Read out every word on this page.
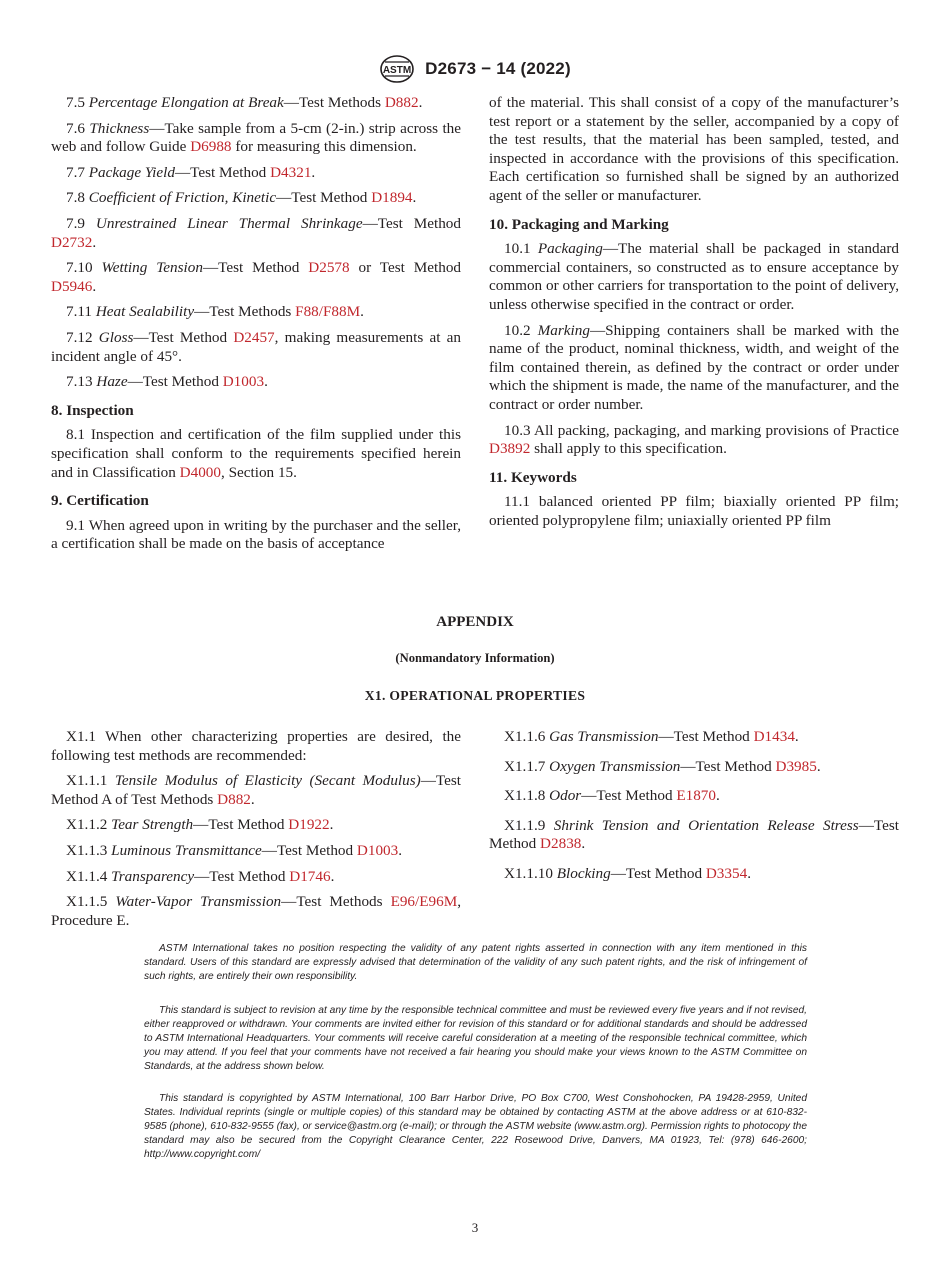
ASTM D2673 − 14 (2022)

7.5 Percentage Elongation at Break—Test Methods D882.

7.6 Thickness—Take sample from a 5-cm (2-in.) strip across the web and follow Guide D6988 for measuring this dimension.

7.7 Package Yield—Test Method D4321.

7.8 Coefficient of Friction, Kinetic—Test Method D1894.

7.9 Unrestrained Linear Thermal Shrinkage—Test Method D2732.

7.10 Wetting Tension—Test Method D2578 or Test Method D5946.

7.11 Heat Sealability—Test Methods F88/F88M.

7.12 Gloss—Test Method D2457, making measurements at an incident angle of 45°.

7.13 Haze—Test Method D1003.

8. Inspection

8.1 Inspection and certification of the film supplied under this specification shall conform to the requirements specified herein and in Classification D4000, Section 15.

9. Certification

9.1 When agreed upon in writing by the purchaser and the seller, a certification shall be made on the basis of acceptance

of the material. This shall consist of a copy of the manufacturer’s test report or a statement by the seller, accompanied by a copy of the test results, that the material has been sampled, tested, and inspected in accordance with the provisions of this specification. Each certification so furnished shall be signed by an authorized agent of the seller or manufacturer.

10. Packaging and Marking

10.1 Packaging—The material shall be packaged in standard commercial containers, so constructed as to ensure acceptance by common or other carriers for transportation to the point of delivery, unless otherwise specified in the contract or order.

10.2 Marking—Shipping containers shall be marked with the name of the product, nominal thickness, width, and weight of the film contained therein, as defined by the contract or order under which the shipment is made, the name of the manufacturer, and the contract or order number.

10.3 All packing, packaging, and marking provisions of Practice D3892 shall apply to this specification.

11. Keywords

11.1 balanced oriented PP film; biaxially oriented PP film; oriented polypropylene film; uniaxially oriented PP film

APPENDIX
(Nonmandatory Information)
X1. OPERATIONAL PROPERTIES

X1.1 When other characterizing properties are desired, the following test methods are recommended:

X1.1.1 Tensile Modulus of Elasticity (Secant Modulus)—Test Method A of Test Methods D882.

X1.1.2 Tear Strength—Test Method D1922.

X1.1.3 Luminous Transmittance—Test Method D1003.

X1.1.4 Transparency—Test Method D1746.

X1.1.5 Water-Vapor Transmission—Test Methods E96/E96M, Procedure E.

X1.1.6 Gas Transmission—Test Method D1434.

X1.1.7 Oxygen Transmission—Test Method D3985.

X1.1.8 Odor—Test Method E1870.

X1.1.9 Shrink Tension and Orientation Release Stress—Test Method D2838.

X1.1.10 Blocking—Test Method D3354.

ASTM International takes no position respecting the validity of any patent rights asserted in connection with any item mentioned in this standard. Users of this standard are expressly advised that determination of the validity of any such patent rights, and the risk of infringement of such rights, are entirely their own responsibility.
This standard is subject to revision at any time by the responsible technical committee and must be reviewed every five years and if not revised, either reapproved or withdrawn. Your comments are invited either for revision of this standard or for additional standards and should be addressed to ASTM International Headquarters. Your comments will receive careful consideration at a meeting of the responsible technical committee, which you may attend. If you feel that your comments have not received a fair hearing you should make your views known to the ASTM Committee on Standards, at the address shown below.
This standard is copyrighted by ASTM International, 100 Barr Harbor Drive, PO Box C700, West Conshohocken, PA 19428-2959, United States. Individual reprints (single or multiple copies) of this standard may be obtained by contacting ASTM at the above address or at 610-832-9585 (phone), 610-832-9555 (fax), or service@astm.org (e-mail); or through the ASTM website (www.astm.org). Permission rights to photocopy the standard may also be secured from the Copyright Clearance Center, 222 Rosewood Drive, Danvers, MA 01923, Tel: (978) 646-2600; http://www.copyright.com/
3
